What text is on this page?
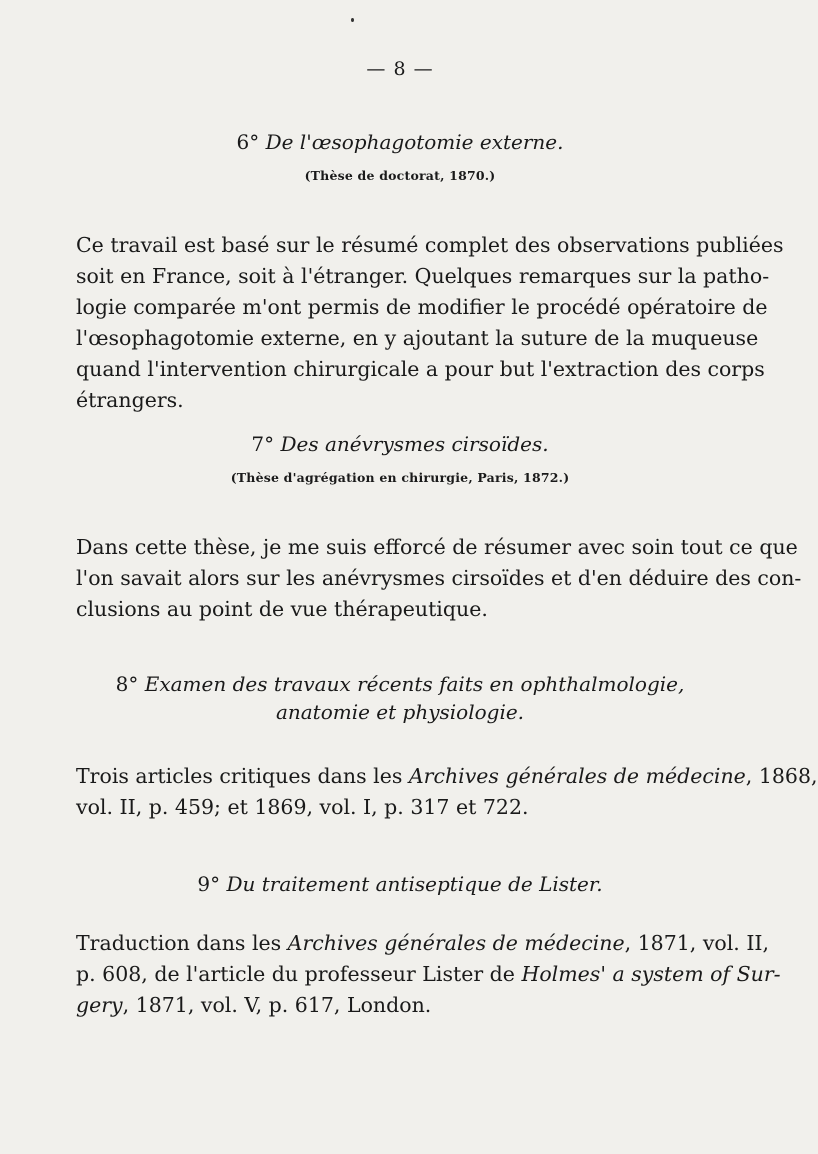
— 8 —
6° De l'œsophagotomie externe.
(Thèse de doctorat, 1870.)
Ce travail est basé sur le résumé complet des observations publiées
soit en France, soit à l'étranger. Quelques remarques sur la patho-
logie comparée m'ont permis de modifier le procédé opératoire de
l'œsophagotomie externe, en y ajoutant la suture de la muqueuse
quand l'intervention chirurgicale a pour but l'extraction des corps
étrangers.
7° Des anévrysmes cirsoïdes.
(Thèse d'agrégation en chirurgie, Paris, 1872.)
Dans cette thèse, je me suis efforcé de résumer avec soin tout ce que
l'on savait alors sur les anévrysmes cirsoïdes et d'en déduire des con-
clusions au point de vue thérapeutique.
8° Examen des travaux récents faits en ophthalmologie,
anatomie et physiologie.
Trois articles critiques dans les Archives générales de médecine, 1868,
vol. II, p. 459; et 1869, vol. I, p. 317 et 722.
9° Du traitement antiseptique de Lister.
Traduction dans les Archives générales de médecine, 1871, vol. II,
p. 608, de l'article du professeur Lister de Holmes' a system of Sur-
gery, 1871, vol. V, p. 617, London.
